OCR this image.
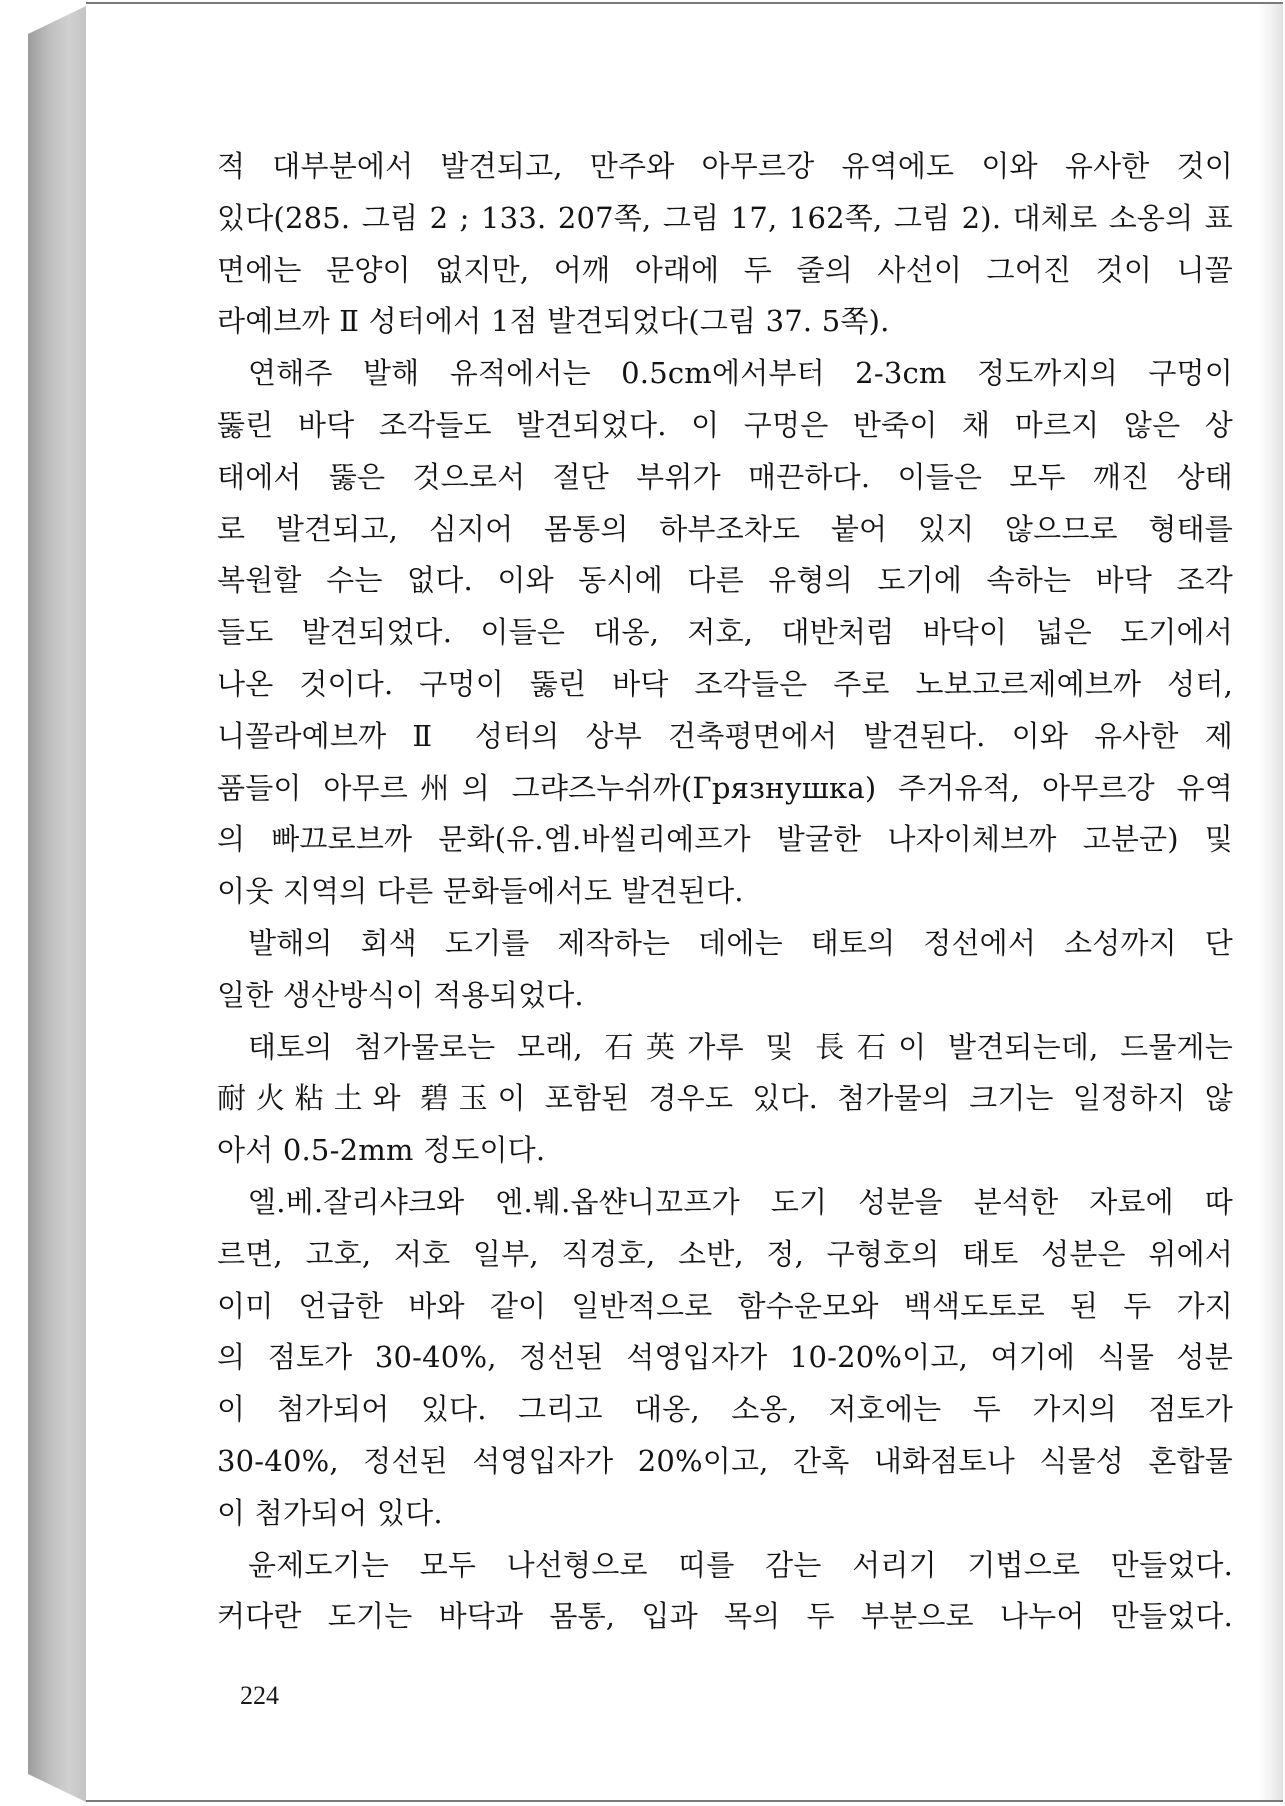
적 대부분에서 발견되고, 만주와 아무르강 유역에도 이와 유사한 것이
있다(285. 그림 2 ; 133. 207쪽, 그림 17, 162쪽, 그림 2). 대체로 소옹의 표
면에는 문양이 없지만, 어깨 아래에 두 줄의 사선이 그어진 것이 니꼴
라예브까 Ⅱ 성터에서 1점 발견되었다(그림 37. 5쪽).
연해주 발해 유적에서는 0.5cm에서부터 2-3cm 정도까지의 구멍이
뚫린 바닥 조각들도 발견되었다. 이 구멍은 반죽이 채 마르지 않은 상
태에서 뚫은 것으로서 절단 부위가 매끈하다. 이들은 모두 깨진 상태
로 발견되고, 심지어 몸통의 하부조차도 붙어 있지 않으므로 형태를
복원할 수는 없다. 이와 동시에 다른 유형의 도기에 속하는 바닥 조각
들도 발견되었다. 이들은 대옹, 저호, 대반처럼 바닥이 넓은 도기에서
나온 것이다. 구멍이 뚫린 바닥 조각들은 주로 노보고르제예브까 성터,
니꼴라예브까 Ⅱ 성터의 상부 건축평면에서 발견된다. 이와 유사한 제
품들이 아무르州의 그랴즈누쉬까(Грязнушка) 주거유적, 아무르강 유역
의 빠끄로브까 문화(유.엠.바씰리예프가 발굴한 나자이체브까 고분군) 및
이웃 지역의 다른 문화들에서도 발견된다.
발해의 회색 도기를 제작하는 데에는 태토의 정선에서 소성까지 단
일한 생산방식이 적용되었다.
태토의 첨가물로는 모래, 石英가루 및 長石이 발견되는데, 드물게는
耐火粘土와 碧玉이 포함된 경우도 있다. 첨가물의 크기는 일정하지 않
아서 0.5-2mm 정도이다.
엘.베.잘리샤크와 엔.붸.옵쌴니꼬프가 도기 성분을 분석한 자료에 따
르면, 고호, 저호 일부, 직경호, 소반, 정, 구형호의 태토 성분은 위에서
이미 언급한 바와 같이 일반적으로 함수운모와 백색도토로 된 두 가지
의 점토가 30-40%, 정선된 석영입자가 10-20%이고, 여기에 식물 성분
이 첨가되어 있다. 그리고 대옹, 소옹, 저호에는 두 가지의 점토가
30-40%, 정선된 석영입자가 20%이고, 간혹 내화점토나 식물성 혼합물
이 첨가되어 있다.
윤제도기는 모두 나선형으로 띠를 감는 서리기 기법으로 만들었다.
커다란 도기는 바닥과 몸통, 입과 목의 두 부분으로 나누어 만들었다.
224
